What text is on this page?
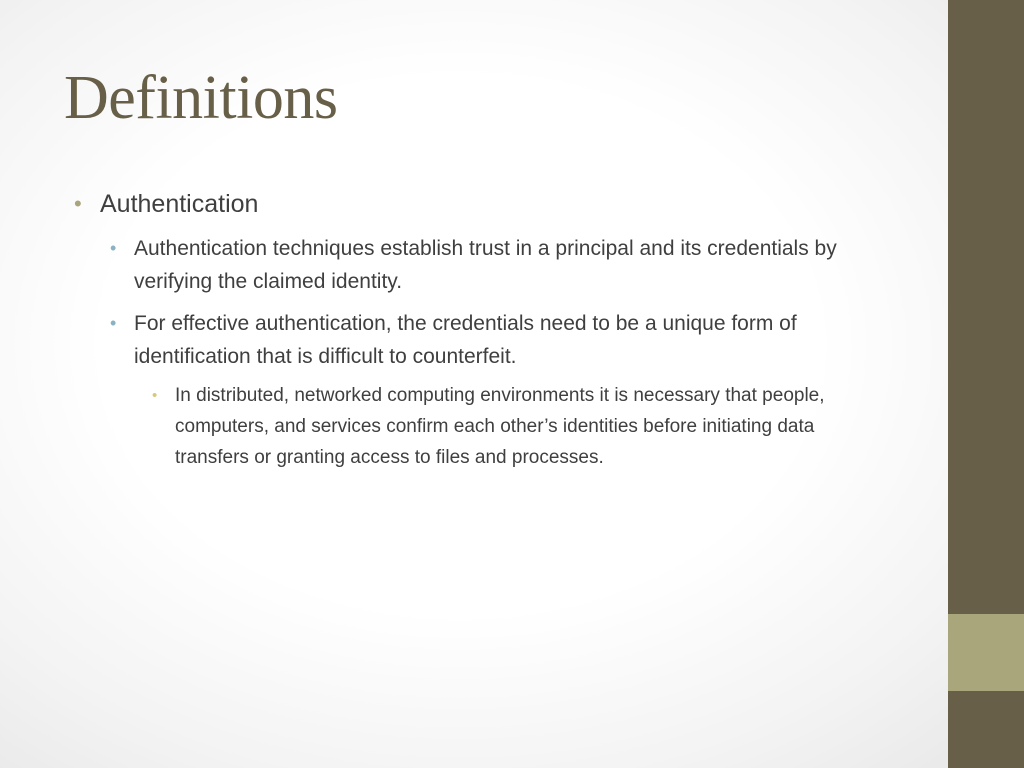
Definitions
• Authentication
• Authentication techniques establish trust in a principal and its credentials by verifying the claimed identity.
• For effective authentication, the credentials need to be a unique form of identification that is difficult to counterfeit.
• In distributed, networked computing environments it is necessary that people, computers, and services confirm each other’s identities before initiating data transfers or granting access to files and processes.
